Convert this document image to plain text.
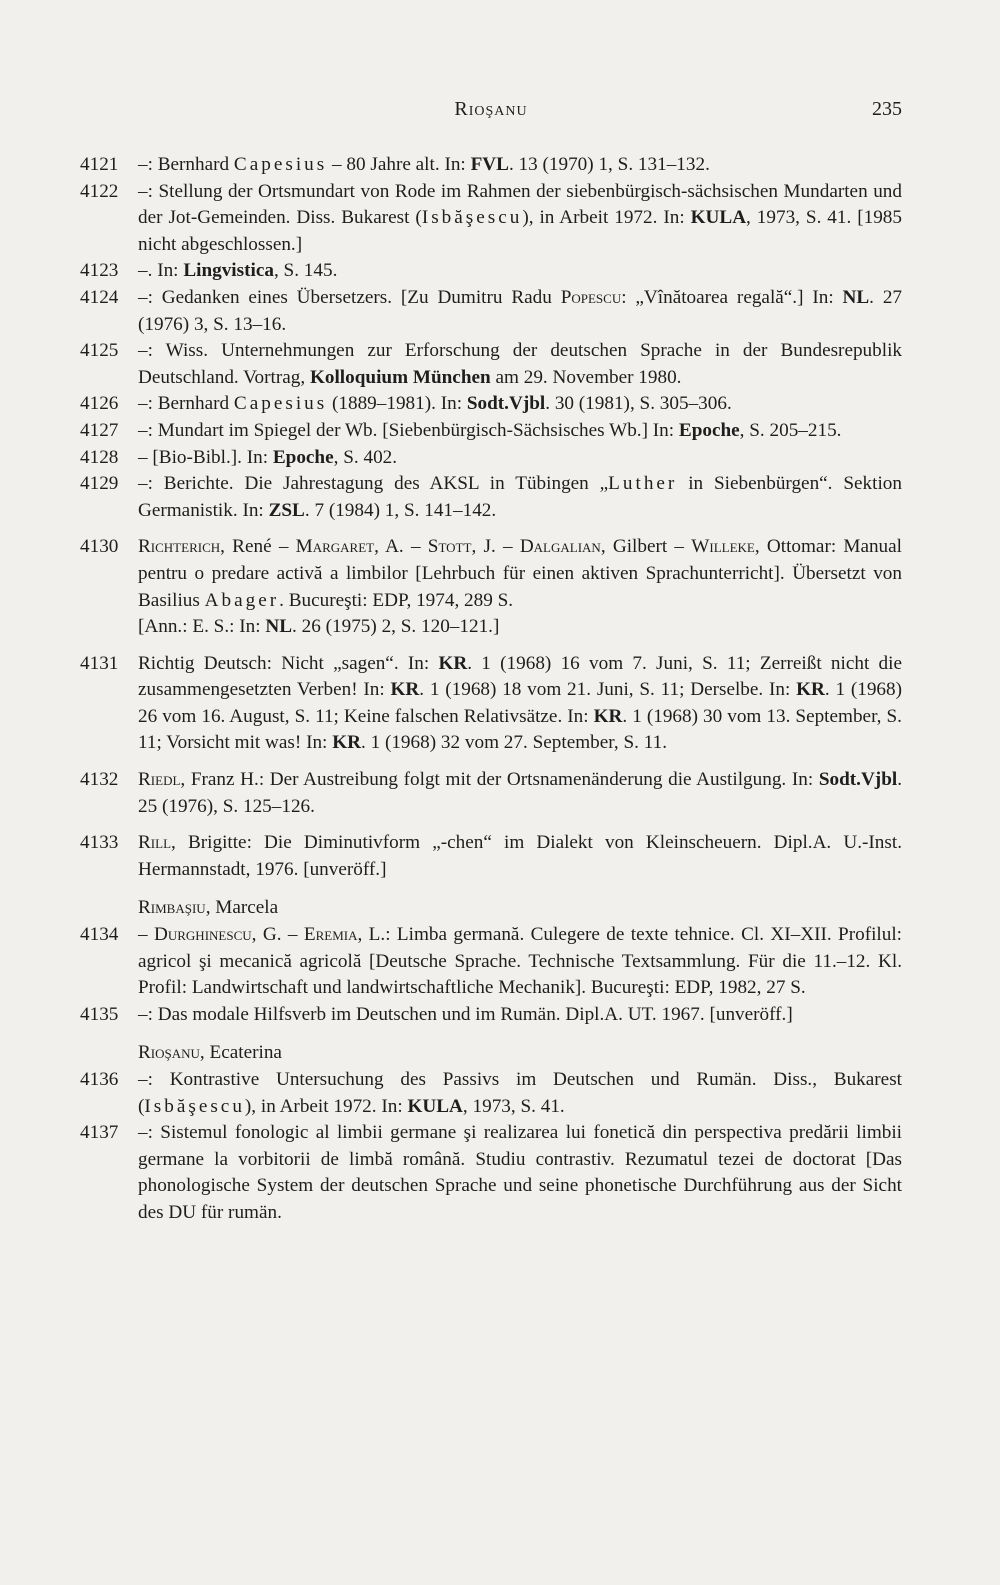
Rioşanu	235
4121	–: Bernhard Capesius – 80 Jahre alt. In: FVL. 13 (1970) 1, S. 131–132.
4122	–: Stellung der Ortsmundart von Rode im Rahmen der siebenbürgisch-sächsischen Mundarten und der Jot-Gemeinden. Diss. Bukarest (Isbăşescu), in Arbeit 1972. In: KULA, 1973, S. 41. [1985 nicht abgeschlossen.]
4123	–. In: Lingvistica, S. 145.
4124	–: Gedanken eines Übersetzers. [Zu Dumitru Radu Popescu: „Vînătoarea regală“.] In: NL. 27 (1976) 3, S. 13–16.
4125	–: Wiss. Unternehmungen zur Erforschung der deutschen Sprache in der Bundesrepublik Deutschland. Vortrag, Kolloquium München am 29. November 1980.
4126	–: Bernhard Capesius (1889–1981). In: Sodt.Vjbl. 30 (1981), S. 305–306.
4127	–: Mundart im Spiegel der Wb. [Siebenbürgisch-Sächsisches Wb.] In: Epoche, S. 205–215.
4128	– [Bio-Bibl.]. In: Epoche, S. 402.
4129	–: Berichte. Die Jahrestagung des AKSL in Tübingen „Luther in Siebenbürgen“. Sektion Germanistik. In: ZSL. 7 (1984) 1, S. 141–142.
4130	Richterich, René – Margaret, A. – Stott, J. – Dalgalian, Gilbert – Willeke, Ottomar: Manual pentru o predare activă a limbilor [Lehrbuch für einen aktiven Sprachunterricht]. Übersetzt von Basilius Abager. Bucureşti: EDP, 1974, 289 S.
[Ann.: E. S.: In: NL. 26 (1975) 2, S. 120–121.]
4131	Richtig Deutsch: Nicht „sagen“. In: KR. 1 (1968) 16 vom 7. Juni, S. 11; Zerreißt nicht die zusammengesetzten Verben! In: KR. 1 (1968) 18 vom 21. Juni, S. 11; Derselbe. In: KR. 1 (1968) 26 vom 16. August, S. 11; Keine falschen Relativsätze. In: KR. 1 (1968) 30 vom 13. September, S. 11; Vorsicht mit was! In: KR. 1 (1968) 32 vom 27. September, S. 11.
4132	Riedl, Franz H.: Der Austreibung folgt mit der Ortsnamenänderung die Austilgung. In: Sodt.Vjbl. 25 (1976), S. 125–126.
4133	Rill, Brigitte: Die Diminutivform „-chen“ im Dialekt von Kleinscheuern. Dipl.A. U.-Inst. Hermannstadt, 1976. [unveröff.]
Rimbaşiu, Marcela
4134	– Durghinescu, G. – Eremia, L.: Limba germană. Culegere de texte tehnice. Cl. XI–XII. Profilul: agricol şi mecanică agricolă [Deutsche Sprache. Technische Textsammlung. Für die 11.–12. Kl. Profil: Landwirtschaft und landwirtschaftliche Mechanik]. Bucureşti: EDP, 1982, 27 S.
4135	–: Das modale Hilfsverb im Deutschen und im Rumän. Dipl.A. UT. 1967. [unveröff.]
Rioşanu, Ecaterina
4136	–: Kontrastive Untersuchung des Passivs im Deutschen und Rumän. Diss., Bukarest (Isbăşescu), in Arbeit 1972. In: KULA, 1973, S. 41.
4137	–: Sistemul fonologic al limbii germane şi realizarea lui fonetică din perspectiva predării limbii germane la vorbitorii de limbă română. Studiu contrastiv. Rezumatul tezei de doctorat [Das phonologische System der deutschen Sprache und seine phonetische Durchführung aus der Sicht des DU für rumän.
